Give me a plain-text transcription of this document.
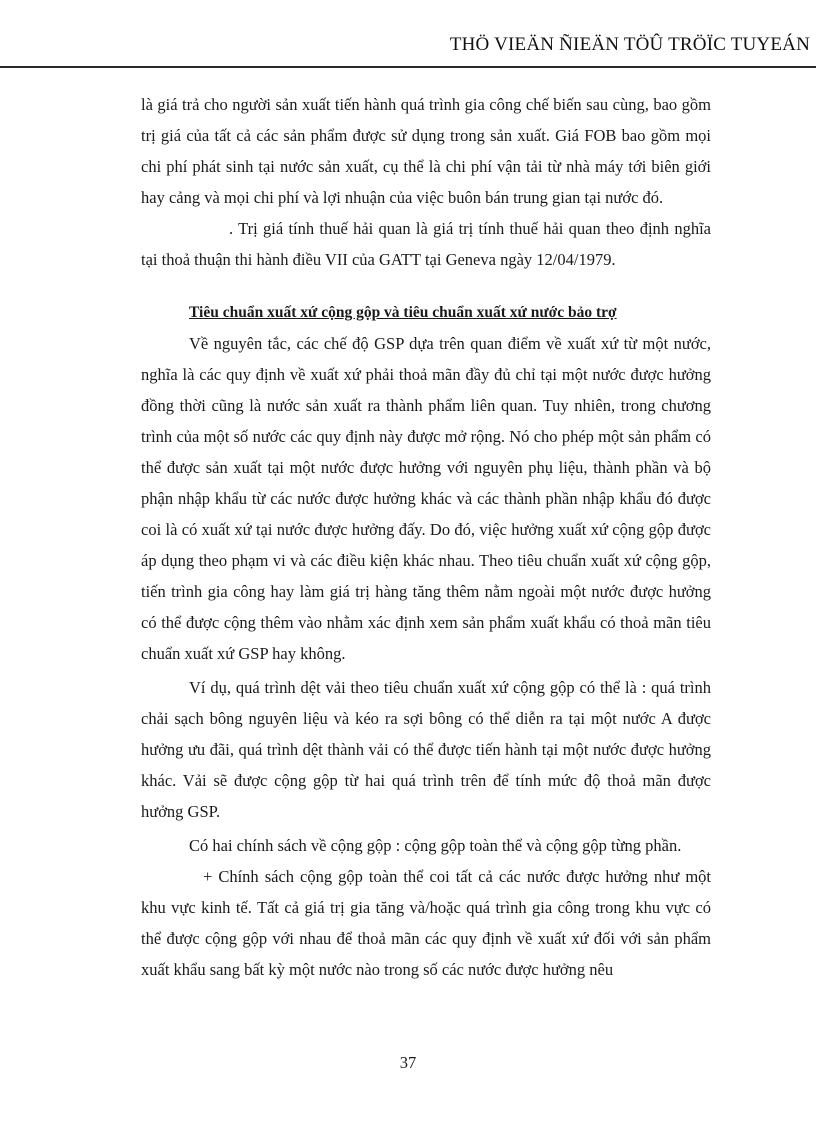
THÖ VIEÄN ÑIEÄN TÖÛ TRÖÏC TUYEÁN

là giá trả cho người sản xuất tiến hành quá trình gia công chế biến sau cùng, bao gồm trị giá của tất cả các sản phẩm được sử dụng trong sản xuất. Giá FOB bao gồm mọi chi phí phát sinh tại nước sản xuất, cụ thể là chi phí vận tải từ nhà máy tới biên giới hay cảng và mọi chi phí và lợi nhuận của việc buôn bán trung gian tại nước đó.

. Trị giá tính thuế hải quan là giá trị tính thuế hải quan theo định nghĩa tại thoả thuận thi hành điều VII của GATT tại Geneva ngày 12/04/1979.

Tiêu chuẩn xuất xứ cộng gộp và tiêu chuẩn xuất xứ nước bảo trợ

Về nguyên tắc, các chế độ GSP dựa trên quan điểm về xuất xứ từ một nước, nghĩa là các quy định về xuất xứ phải thoả mãn đầy đủ chỉ tại một nước được hưởng đồng thời cũng là nước sản xuất ra thành phẩm liên quan. Tuy nhiên, trong chương trình của một số nước các quy định này được mở rộng. Nó cho phép một sản phẩm có thể được sản xuất tại một nước được hưởng với nguyên phụ liệu, thành phần và bộ phận nhập khẩu từ các nước được hưởng khác và các thành phần nhập khẩu đó được coi là có xuất xứ tại nước được hưởng đấy. Do đó, việc hưởng xuất xứ cộng gộp được áp dụng theo phạm vi và các điều kiện khác nhau. Theo tiêu chuẩn xuất xứ cộng gộp, tiến trình gia công hay làm giá trị hàng tăng thêm nằm ngoài một nước được hưởng có thể được cộng thêm vào nhằm xác định xem sản phẩm xuất khẩu có thoả mãn tiêu chuẩn xuất xứ GSP hay không.

Ví dụ, quá trình dệt vải theo tiêu chuẩn xuất xứ cộng gộp có thể là : quá trình chải sạch bông nguyên liệu và kéo ra sợi bông có thể diễn ra tại một nước A được hưởng ưu đãi, quá trình dệt thành vải có thể được tiến hành tại một nước được hưởng khác. Vải sẽ được cộng gộp từ hai quá trình trên để tính mức độ thoả mãn được hưởng GSP.

Có hai chính sách về cộng gộp : cộng gộp toàn thể và cộng gộp từng phần.

+ Chính sách cộng gộp toàn thể coi tất cả các nước được hưởng như một khu vực kinh tế. Tất cả giá trị gia tăng và/hoặc quá trình gia công trong khu vực có thể được cộng gộp với nhau để thoả mãn các quy định về xuất xứ đối với sản phẩm xuất khẩu sang bất kỳ một nước nào trong số các nước được hưởng nêu

37
